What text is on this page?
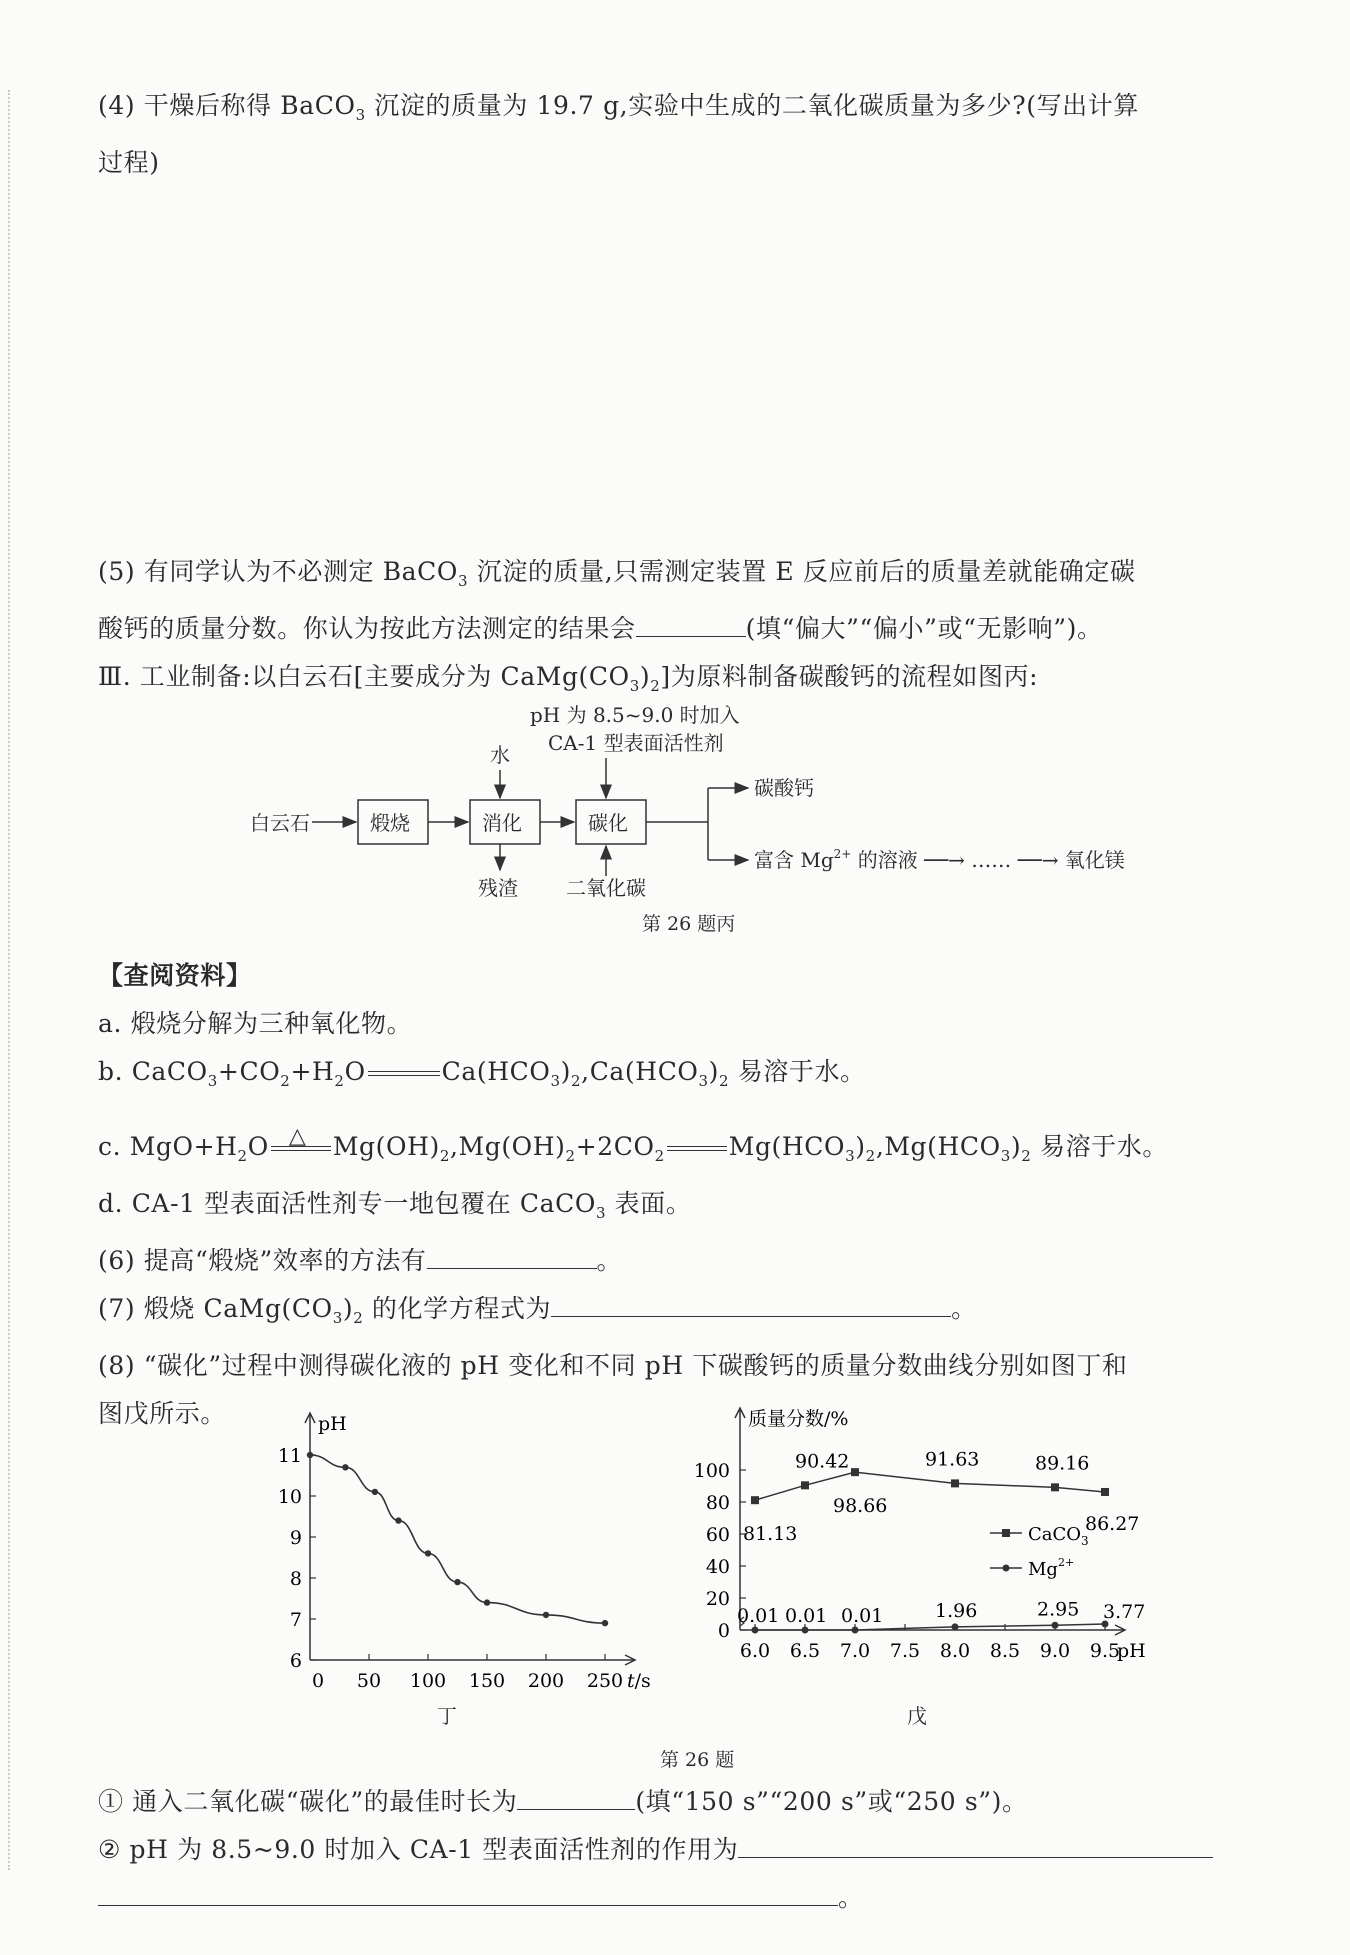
(4) 干燥后称得 BaCO$_3$ 沉淀的质量为 19.7 g,实验中生成的二氧化碳质量为多少?(写出计算
过程)
(5) 有同学认为不必测定 BaCO$_3$ 沉淀的质量,只需测定装置 E 反应前后的质量差就能确定碳
酸钙的质量分数。你认为按此方法测定的结果会	(填“偏大”“偏小”或“无影响”)。
Ⅲ. 工业制备:以白云石[主要成分为 $CaMg(CO_3)_2$]为原料制备碳酸钙的流程如图丙:
pH 为 8.5~9.0 时加入
CA-1 型表面活性剂
水
白云石	煅烧	消化	碳化
碳酸钙
富含 $Mg^{2+}$ 的溶液 ──→ …… ──→ 氧化镁
残渣 二氧化碳
第 26 题丙
【查阅资料】
a. 煅烧分解为三种氧化物。
b. $CaCO_3+CO_2+H_2O$	$Ca(HCO_3)_2,Ca(HCO_3)_2$ 易溶于水。
c. $MgO+H_2O$ △ $Mg(OH)_2,Mg(OH)_2+2CO_2$	$Mg(HCO_3)_2,Mg(HCO_3)_2$ 易溶于水。
d. CA-1 型表面活性剂专一地包覆在 CaCO$_3$ 表面。
(6) 提高“煅烧”效率的方法有	。
(7) 煅烧 $CaMg(CO_3)_2$ 的化学方程式为	。
(8) “碳化”过程中测得碳化液的 pH 变化和不同 pH 下碳酸钙的质量分数曲线分别如图丁和
图戊所示。	pH
t/s
6
7
8
9
10
11
0 50 100 150 200 250
质量分数/%
pH
0
20
40
60
80
100
6.0 6.5 7.0 7.5 8.0 8.5 9.0 9.5
81.13
90.42
98.66
91.63	89.16
86.27
0.01 0.01 0.01	1.96	2.95 3.77
CaCO$_3$
$Mg^{2+}$
丁	戊
第 26 题
① 通入二氧化碳“碳化”的最佳时长为	(填“150 s”“200 s”或“250 s”)。
② pH 为 8.5~9.0 时加入 CA-1 型表面活性剂的作用为
。
